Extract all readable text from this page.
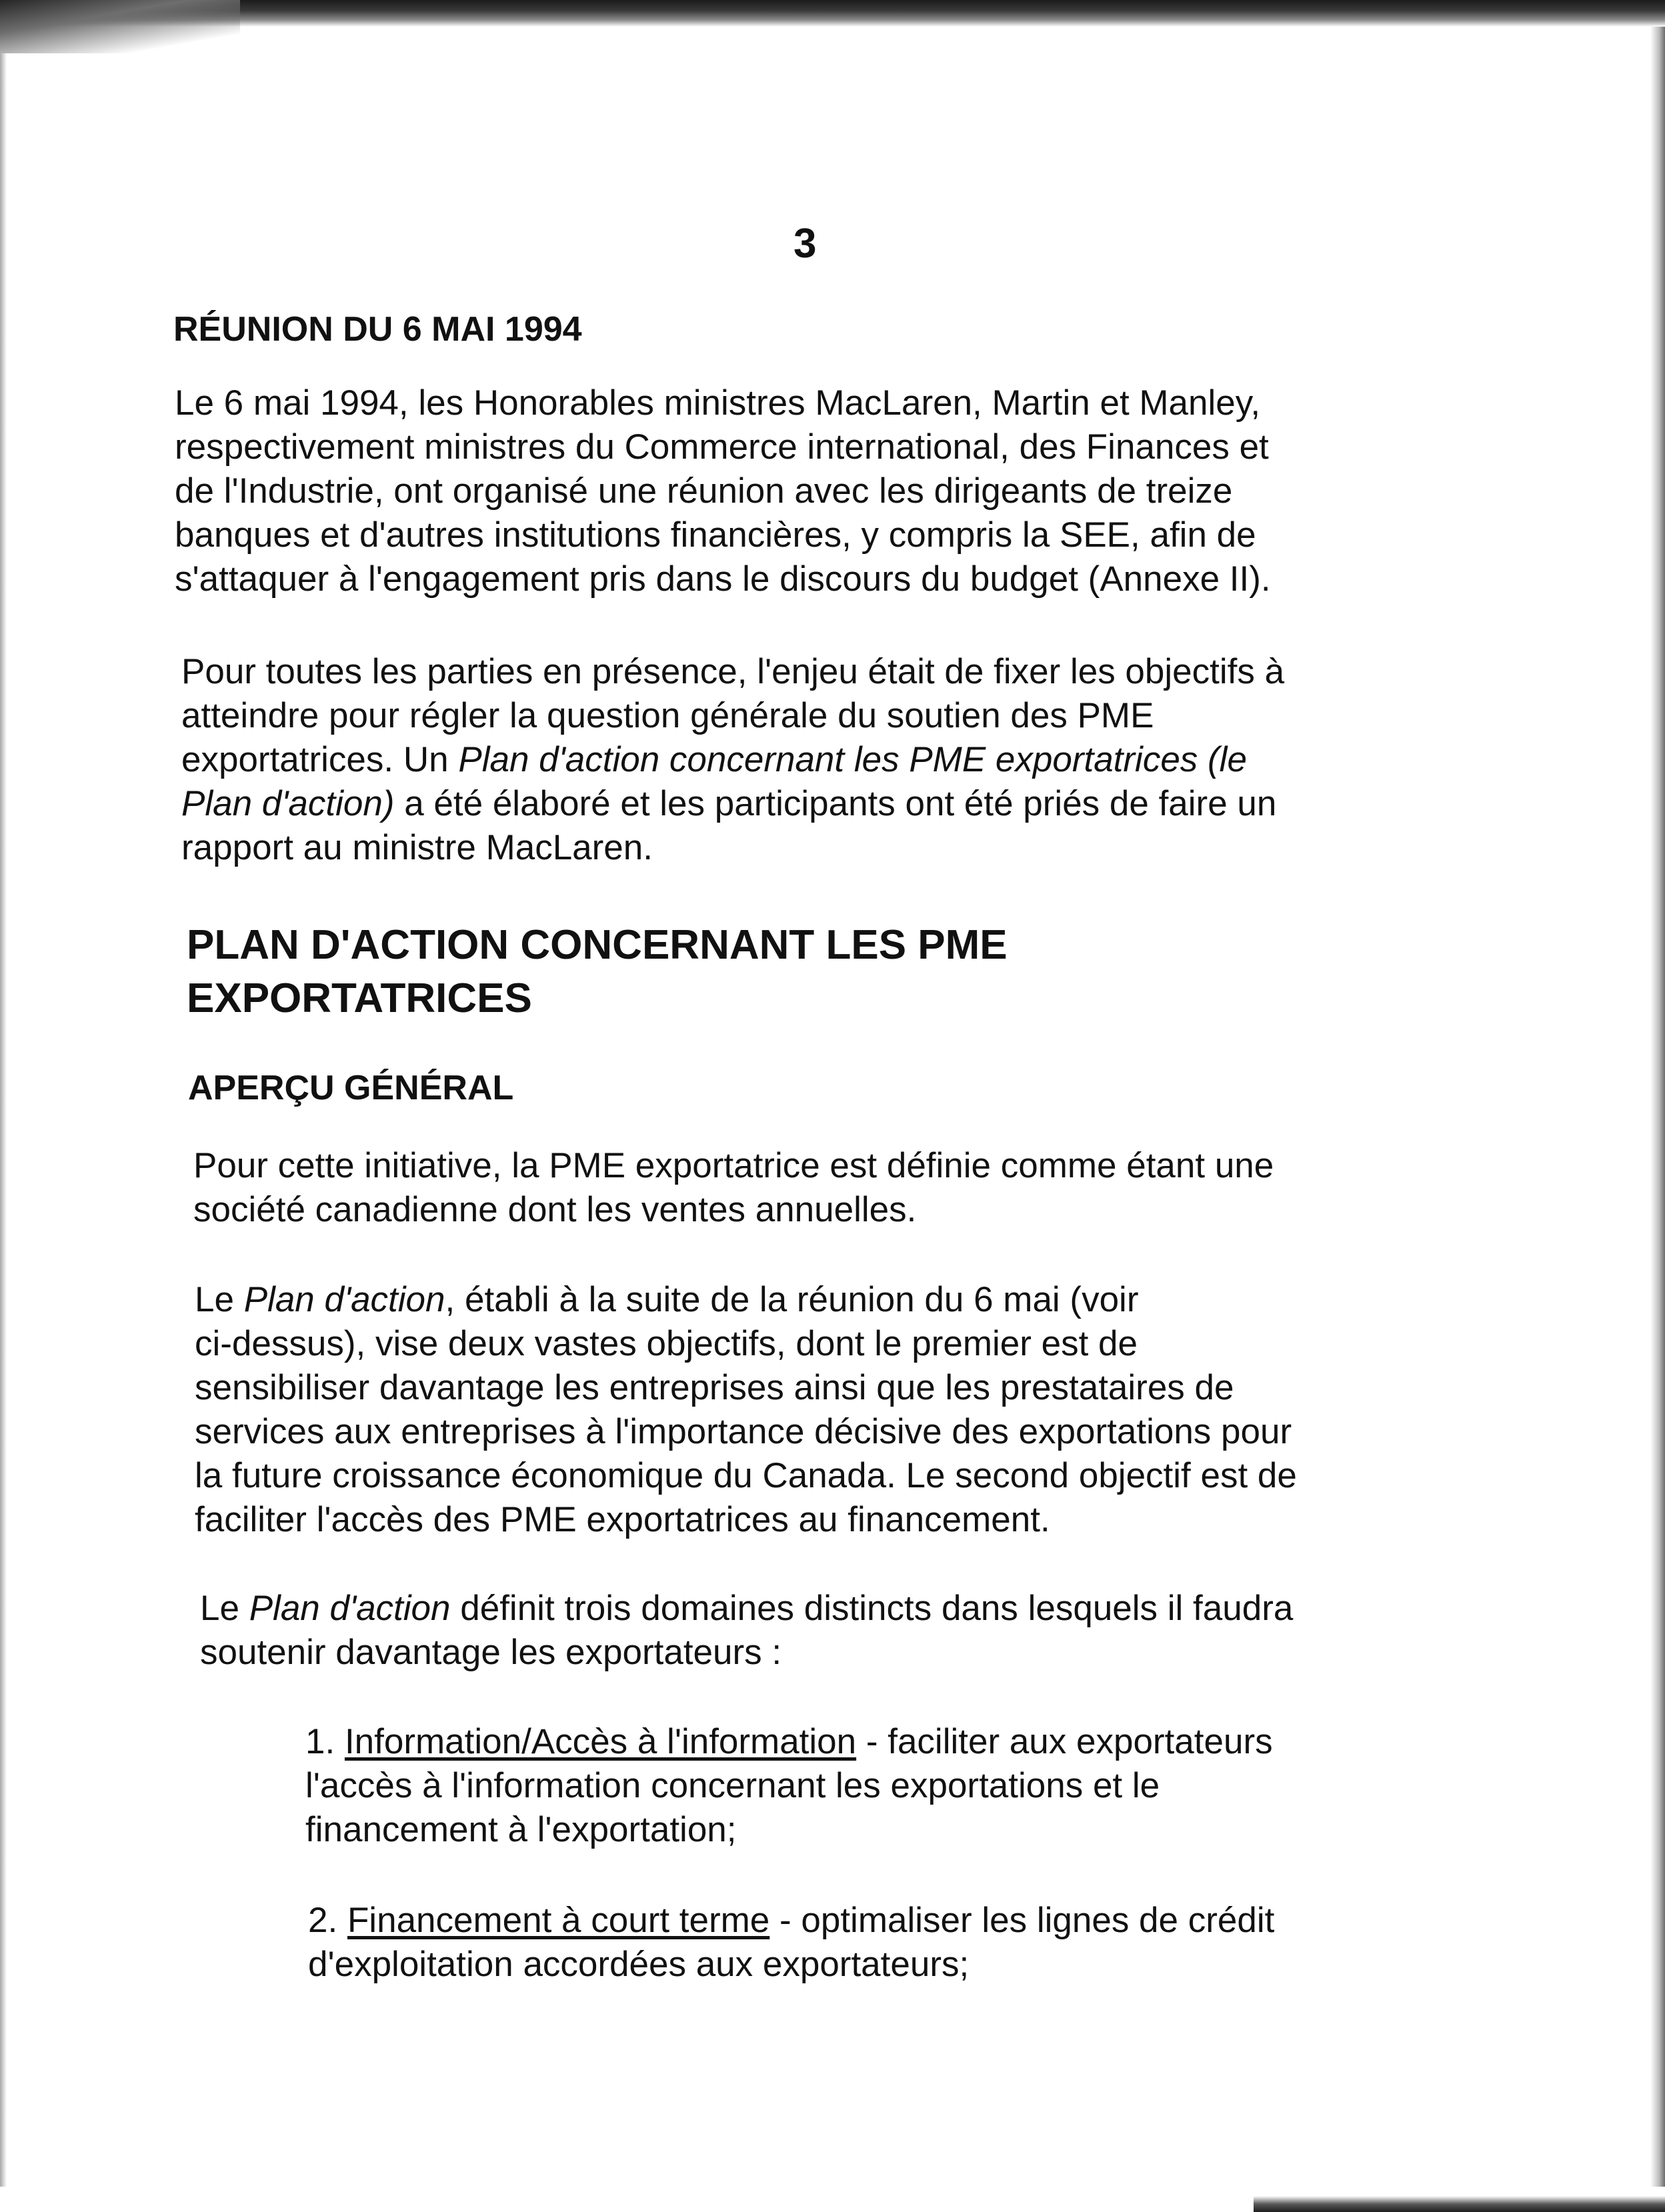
3
RÉUNION DU 6 MAI 1994

Le 6 mai 1994, les Honorables ministres MacLaren, Martin et Manley,
respectivement ministres du Commerce international, des Finances et
de l'Industrie, ont organisé une réunion avec les dirigeants de treize
banques et d'autres institutions financières, y compris la SEE, afin de
s'attaquer à l'engagement pris dans le discours du budget (Annexe II).

Pour toutes les parties en présence, l'enjeu était de fixer les objectifs à
atteindre pour régler la question générale du soutien des PME
exportatrices. Un Plan d'action concernant les PME exportatrices (le
Plan d'action) a été élaboré et les participants ont été priés de faire un
rapport au ministre MacLaren.

PLAN D'ACTION CONCERNANT LES PME
EXPORTATRICES
APERÇU GÉNÉRAL

Pour cette initiative, la PME exportatrice est définie comme étant une
société canadienne dont les ventes annuelles.

Le Plan d'action, établi à la suite de la réunion du 6 mai (voir
ci-dessus), vise deux vastes objectifs, dont le premier est de
sensibiliser davantage les entreprises ainsi que les prestataires de
services aux entreprises à l'importance décisive des exportations pour
la future croissance économique du Canada. Le second objectif est de
faciliter l'accès des PME exportatrices au financement.

Le Plan d'action définit trois domaines distincts dans lesquels il faudra
soutenir davantage les exportateurs :

1. Information/Accès à l'information - faciliter aux exportateurs
l'accès à l'information concernant les exportations et le
financement à l'exportation;
2. Financement à court terme - optimaliser les lignes de crédit
d'exploitation accordées aux exportateurs;
